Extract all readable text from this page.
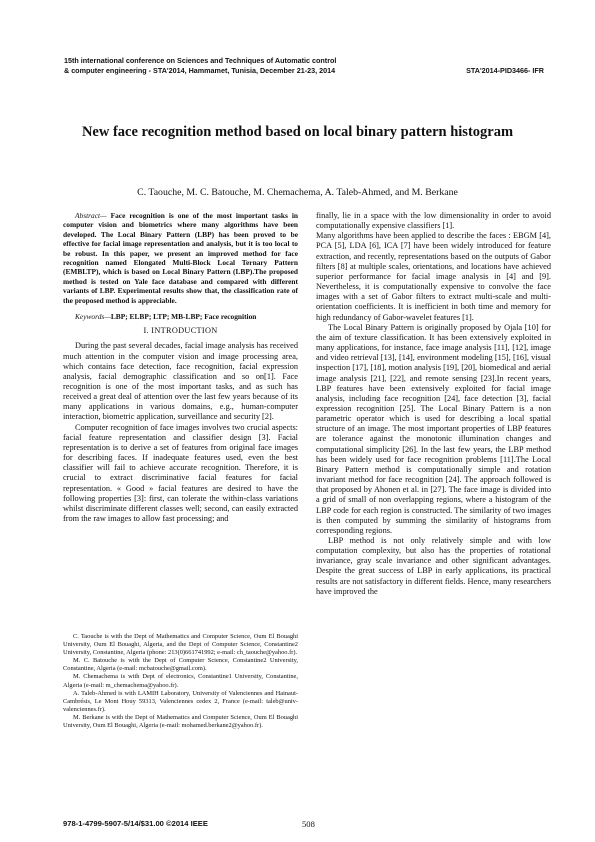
15th international conference on Sciences and Techniques of Automatic control
& computer engineering - STA'2014, Hammamet, Tunisia, December 21-23, 2014	STA'2014-PID3466- IFR
New face recognition method based on local binary pattern histogram
C. Taouche, M. C. Batouche, M. Chemachema, A. Taleb-Ahmed, and M. Berkane

Abstract— Face recognition is one of the most important tasks in computer vision and biometrics where many algorithms have been developed. The Local Binary Pattern (LBP) has been proved to be effective for facial image representation and analysis, but it is too local to be robust. In this paper, we present an improved method for face recognition named Elongated Multi-Block Local Ternary Pattern (EMBLTP), which is based on Local Binary Pattern (LBP).The proposed method is tested on Yale face database and compared with different variants of LBP. Experimental results show that, the classification rate of the proposed method is appreciable.

Keywords—LBP; ELBP; LTP; MB-LBP; Face recognition

I. INTRODUCTION

During the past several decades, facial image analysis has received much attention in the computer vision and image processing area, which contains face detection, face recognition, facial expression analysis, facial demographic classification and so on[1]. Face recognition is one of the most important tasks, and as such has received a great deal of attention over the last few years because of its many applications in various domains, e.g., human-computer interaction, biometric application, surveillance and security [2].

Computer recognition of face images involves two crucial aspects: facial feature representation and classifier design [3]. Facial representation is to derive a set of features from original face images for describing faces. If inadequate features used, even the best classifier will fail to achieve accurate recognition. Therefore, it is crucial to extract discriminative facial features for facial representation. « Good » facial features are desired to have the following properties [3]: first, can tolerate the within-class variations whilst discriminate different classes well; second, can easily extracted from the raw images to allow fast processing; and

C. Taouche is with the Dept of Mathematics and Computer Science, Oum El Bouaghi University, Oum El Bouaghi, Algeria, and the Dept of Computer Science, Constantine2 University, Constantine, Algeria (phone: 213(0)661741992; e-mail: ch_taouche@yahoo.fr).

M. C. Batouche is with the Dept of Computer Science, Constantine2 University, Constantine, Algeria (e-mail: mcbatouche@gmail.com).

M. Chemachema is with Dept of electronics, Constantine1 University, Constantine, Algeria (e-mail: m_chemachema@yahoo.fr).

A. Taleb-Ahmed is with LAMIH Laboratory, University of Valenciennes and Hainaut-Cambrésis, Le Mont Houy 59313, Valenciennes cedex 2, France (e-mail: taleb@univ-valenciennes.fr).

M. Berkane is with the Dept of Mathematics and Computer Science, Oum El Bouaghi University, Oum El Bouaghi, Algeria (e-mail: mohamed.berkane2@yahoo.fr).

finally, lie in a space with the low dimensionality in order to avoid computationally expensive classifiers [1].

Many algorithms have been applied to describe the faces : EBGM [4], PCA [5], LDA [6], ICA [7] have been widely introduced for feature extraction, and recently, representations based on the outputs of Gabor filters [8] at multiple scales, orientations, and locations have achieved superior performance for facial image analysis in [4] and [9]. Nevertheless, it is computationally expensive to convolve the face images with a set of Gabor filters to extract multi-scale and multi-orientation coefficients. It is inefficient in both time and memory for high redundancy of Gabor-wavelet features [1].

The Local Binary Pattern is originally proposed by Ojala [10] for the aim of texture classification. It has been extensively exploited in many applications, for instance, face image analysis [11], [12], image and video retrieval [13], [14], environment modeling [15], [16], visual inspection [17], [18], motion analysis [19], [20], biomedical and aerial image analysis [21], [22], and remote sensing [23].In recent years, LBP features have been extensively exploited for facial image analysis, including face recognition [24], face detection [3], facial expression recognition [25]. The Local Binary Pattern is a non parametric operator which is used for describing a local spatial structure of an image. The most important properties of LBP features are tolerance against the monotonic illumination changes and computational simplicity [26]. In the last few years, the LBP method has been widely used for face recognition problems [11].The Local Binary Pattern method is computationally simple and rotation invariant method for face recognition [24]. The approach followed is that proposed by Ahonen et al. in [27]. The face image is divided into a grid of small of non overlapping regions, where a histogram of the LBP code for each region is constructed. The similarity of two images is then computed by summing the similarity of histograms from corresponding regions.

LBP method is not only relatively simple and with low computation complexity, but also has the properties of rotational invariance, gray scale invariance and other significant advantages. Despite the great success of LBP in early applications, its practical results are not satisfactory in different fields. Hence, many researchers have improved the

978-1-4799-5907-5/14/$31.00 ©2014 IEEE	508
